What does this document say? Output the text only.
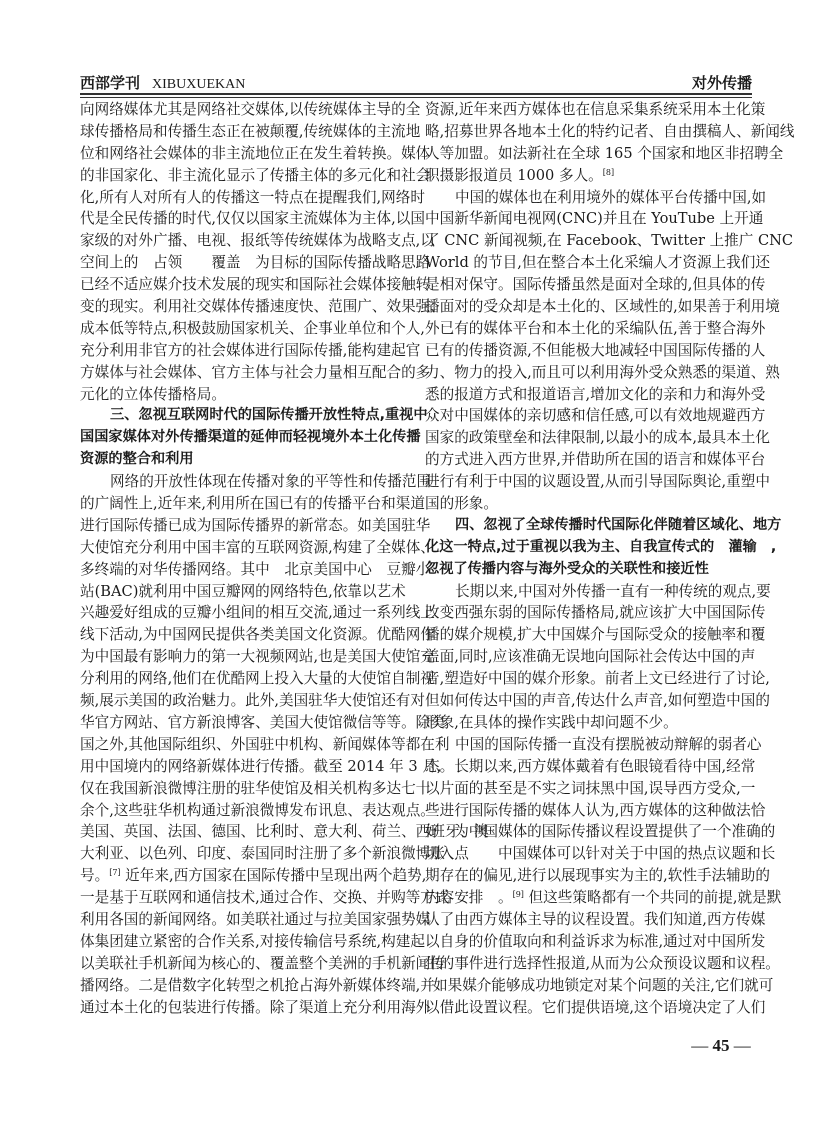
西部学刊 XIBUXUEKAN	对外传播
向网络媒体尤其是网络社交媒体,以传统媒体主导的全
球传播格局和传播生态正在被颠覆,传统媒体的主流地
位和网络社会媒体的非主流地位正在发生着转换。媒体
的非国家化、非主流化显示了传播主体的多元化和社会
化,所有人对所有人的传播这一特点在提醒我们,网络时
代是全民传播的时代,仅仅以国家主流媒体为主体,以国
家级的对外广播、电视、报纸等传统媒体为战略支点,以
空间上的　占领　　覆盖　为目标的国际传播战略思路
已经不适应媒介技术发展的现实和国际社会媒体接触转
变的现实。利用社交媒体传播速度快、范围广、效果强、
成本低等特点,积极鼓励国家机关、企事业单位和个人,
充分利用非官方的社会媒体进行国际传播,能构建起官
方媒体与社会媒体、官方主体与社会力量相互配合的多
元化的立体传播格局。
三、忽视互联网时代的国际传播开放性特点,重视中
国国家媒体对外传播渠道的延伸而轻视境外本土化传播
资源的整合和利用
网络的开放性体现在传播对象的平等性和传播范围
的广阔性上,近年来,利用所在国已有的传播平台和渠道
进行国际传播已成为国际传播界的新常态。如美国驻华
大使馆充分利用中国丰富的互联网资源,构建了全媒体、
多终端的对华传播网络。其中　北京美国中心　豆瓣小
站(BAC)就利用中国豆瓣网的网络特色,依靠以艺术
兴趣爱好组成的豆瓣小组间的相互交流,通过一系列线上
线下活动,为中国网民提供各类美国文化资源。优酷网作
为中国最有影响力的第一大视频网站,也是美国大使馆充
分利用的网络,他们在优酷网上投入大量的大使馆自制视
频,展示美国的政治魅力。此外,美国驻华大使馆还有对
华官方网站、官方新浪博客、美国大使馆微信等等。除美
国之外,其他国际组织、外国驻中机构、新闻媒体等都在利
用中国境内的网络新媒体进行传播。截至 2014 年 3 月,
仅在我国新浪微博注册的驻华使馆及相关机构多达七十
余个,这些驻华机构通过新浪微博发布讯息、表达观点。
美国、英国、法国、德国、比利时、意大利、荷兰、西班牙、澳
大利亚、以色列、印度、泰国同时注册了多个新浪微博账
号。[7] 近年来,西方国家在国际传播中呈现出两个趋势,
一是基于互联网和通信技术,通过合作、交换、并购等方式
利用各国的新闻网络。如美联社通过与拉美国家强势媒
体集团建立紧密的合作关系,对接传输信号系统,构建起
以美联社手机新闻为核心的、覆盖整个美洲的手机新闻传
播网络。二是借数字化转型之机抢占海外新媒体终端,并
通过本土化的包装进行传播。除了渠道上充分利用海外
资源,近年来西方媒体也在信息采集系统采用本土化策
略,招募世界各地本土化的特约记者、自由撰稿人、新闻线
人等加盟。如法新社在全球 165 个国家和地区非招聘全
职摄影报道员 1000 多人。[8]
中国的媒体也在利用境外的媒体平台传播中国,如
中国新华新闻电视网(CNC)并且在 YouTube 上开通
了 CNC 新闻视频,在 Facebook、Twitter 上推广 CNC
World 的节目,但在整合本土化采编人才资源上我们还
是相对保守。国际传播虽然是面对全球的,但具体的传
播面对的受众却是本土化的、区域性的,如果善于利用境
外已有的媒体平台和本土化的采编队伍,善于整合海外
已有的传播资源,不但能极大地减轻中国国际传播的人
力、物力的投入,而且可以利用海外受众熟悉的渠道、熟
悉的报道方式和报道语言,增加文化的亲和力和海外受
众对中国媒体的亲切感和信任感,可以有效地规避西方
国家的政策壁垒和法律限制,以最小的成本,最具本土化
的方式进入西方世界,并借助所在国的语言和媒体平台
进行有利于中国的议题设置,从而引导国际舆论,重塑中
国的形象。
四、忽视了全球传播时代国际化伴随着区域化、地方
化这一特点,过于重视以我为主、自我宣传式的　灌输　,
忽视了传播内容与海外受众的关联性和接近性
长期以来,中国对外传播一直有一种传统的观点,要
改变西强东弱的国际传播格局,就应该扩大中国国际传
播的媒介规模,扩大中国媒介与国际受众的接触率和覆
盖面,同时,应该准确无误地向国际社会传达中国的声
音,塑造好中国的媒介形象。前者上文已经进行了讨论,
但如何传达中国的声音,传达什么声音,如何塑造中国的
形象,在具体的操作实践中却问题不少。
中国的国际传播一直没有摆脱被动辩解的弱者心
态。长期以来,西方媒体戴着有色眼镜看待中国,经常
以片面的甚至是不实之词抹黑中国,误导西方受众,一
些进行国际传播的媒体人认为,西方媒体的这种做法恰
好　为中国媒体的国际传播议程设置提供了一个准确的
切入点　　中国媒体可以针对关于中国的热点议题和长
期存在的偏见,进行以展现事实为主的,软性手法辅助的
内容安排　。[9] 但这些策略都有一个共同的前提,就是默
认了由西方媒体主导的议程设置。我们知道,西方传媒
以自身的价值取向和利益诉求为标准,通过对中国所发
生的事件进行选择性报道,从而为公众预设议题和议程。
如果媒介能够成功地锁定对某个问题的关注,它们就可
以借此设置议程。它们提供语境,这个语境决定了人们
— 45 —
